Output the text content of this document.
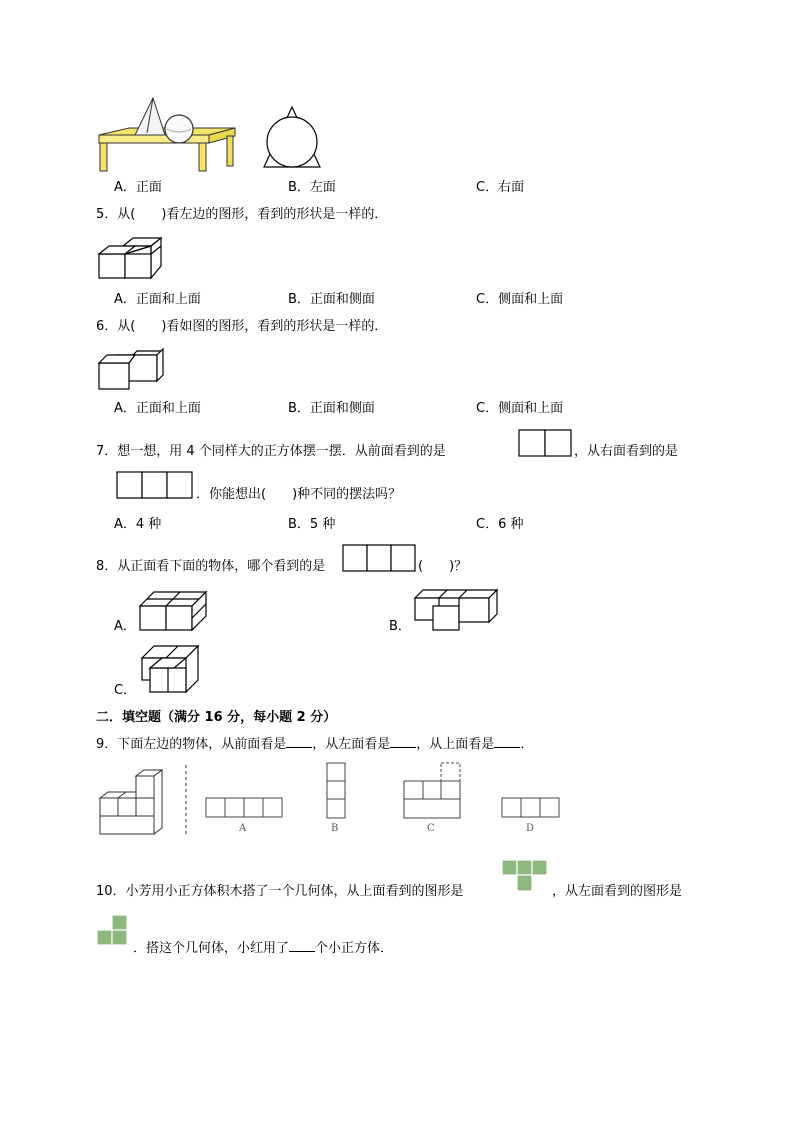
A．正面	B．左面	C．右面
5．从(　　)看左边的图形，看到的形状是一样的．
A．正面和上面	B．正面和侧面	C．侧面和上面
6．从(　　)看如图的图形，看到的形状是一样的．
A．正面和上面	B．正面和侧面	C．侧面和上面
7．想一想，用 4 个同样大的正方体摆一摆．从前面看到的是	，从右面看到的是
．你能想出(　　)种不同的摆法吗？
A．4 种	B．5 种	C．6 种
8．从正面看下面的物体，哪个看到的是	(　　)？
A．	B．
C．
二．填空题（满分 16 分，每小题 2 分）
9．下面左边的物体，从前面看是 ，从左面看是 ，从上面看是 ．
A	B	C	D
10．小芳用小正方体积木搭了一个几何体，从上面看到的图形是	，从左面看到的图形是
．搭这个几何体，小红用了 个小正方体．
